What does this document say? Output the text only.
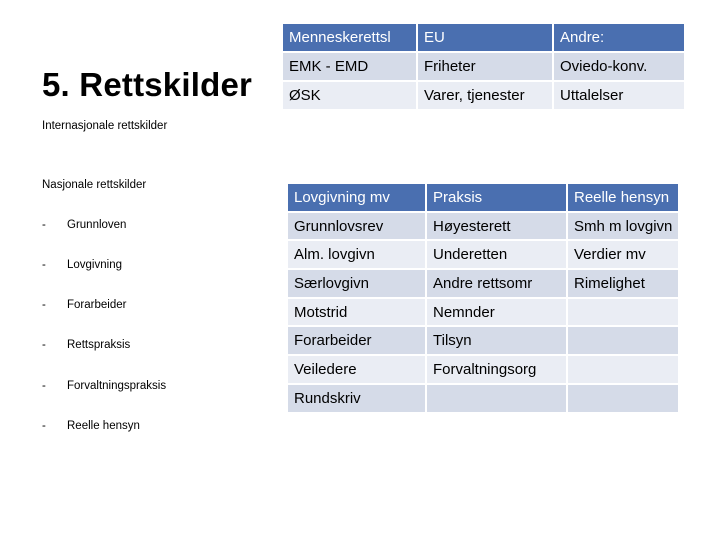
5. Rettskilder
Internasjonale rettskilder
Nasjonale rettskilder
- Grunnloven
- Lovgivning
- Forarbeider
- Rettspraksis
- Forvaltningspraksis
- Reelle hensyn
Menneskerettsl	EU	Andre:
EMK - EMD	Friheter	Oviedo-konv.
ØSK	Varer, tjenester	Uttalelser
Lovgivning mv	Praksis	Reelle hensyn
Grunnlovsrev	Høyesterett	Smh m lovgivn
Alm. lovgivn	Underetten	Verdier mv
Særlovgivn	Andre rettsomr	Rimelighet
Motstrid	Nemnder	
Forarbeider	Tilsyn	
Veiledere	Forvaltningsorg	
Rundskriv		
